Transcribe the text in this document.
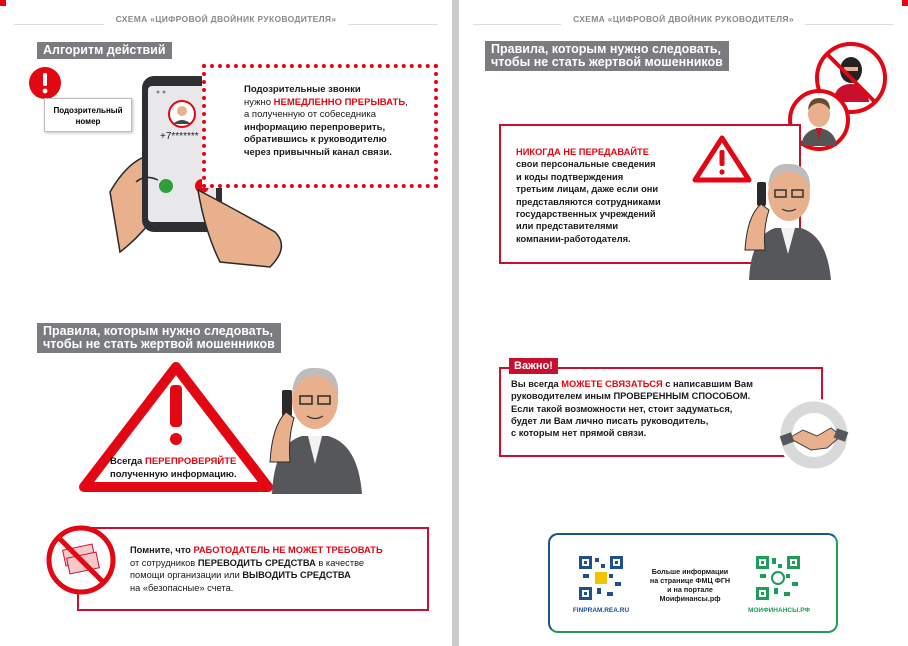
СХЕМА «ЦИФРОВОЙ ДВОЙНИК РУКОВОДИТЕЛЯ»
Алгоритм действий
Подозрительный
номер
+7*******
Подозрительные звонки
нужно НЕМЕДЛЕННО ПРЕРЫВАТЬ,
а полученную от собеседника
информацию перепроверить,
обратившись к руководителю
через привычный канал связи.
Правила, которым нужно следовать,
чтобы не стать жертвой мошенников
Всегда ПЕРЕПРОВЕРЯЙТЕ
полученную информацию.
Помните, что РАБОТОДАТЕЛЬ НЕ МОЖЕТ ТРЕБОВАТЬ
от сотрудников ПЕРЕВОДИТЬ СРЕДСТВА в качестве
помощи организации или ВЫВОДИТЬ СРЕДСТВА
на «безопасные» счета.
СХЕМА «ЦИФРОВОЙ ДВОЙНИК РУКОВОДИТЕЛЯ»
Правила, которым нужно следовать,
чтобы не стать жертвой мошенников
НИКОГДА НЕ ПЕРЕДАВАЙТЕ
свои персональные сведения
и коды подтверждения
третьим лицам, даже если они
представляются сотрудниками
государственных учреждений
или представителями
компании-работодателя.
Важно!
Вы всегда МОЖЕТЕ СВЯЗАТЬСЯ с написавшим Вам
руководителем иным ПРОВЕРЕННЫМ СПОСОБОМ.
Если такой возможности нет, стоит задуматься,
будет ли Вам лично писать руководитель,
с которым нет прямой связи.
FINPRAM.REA.RU
Больше информации
на странице ФМЦ ФГН
и на портале
Моифинансы.рф
МОИФИНАНСЫ.РФ
